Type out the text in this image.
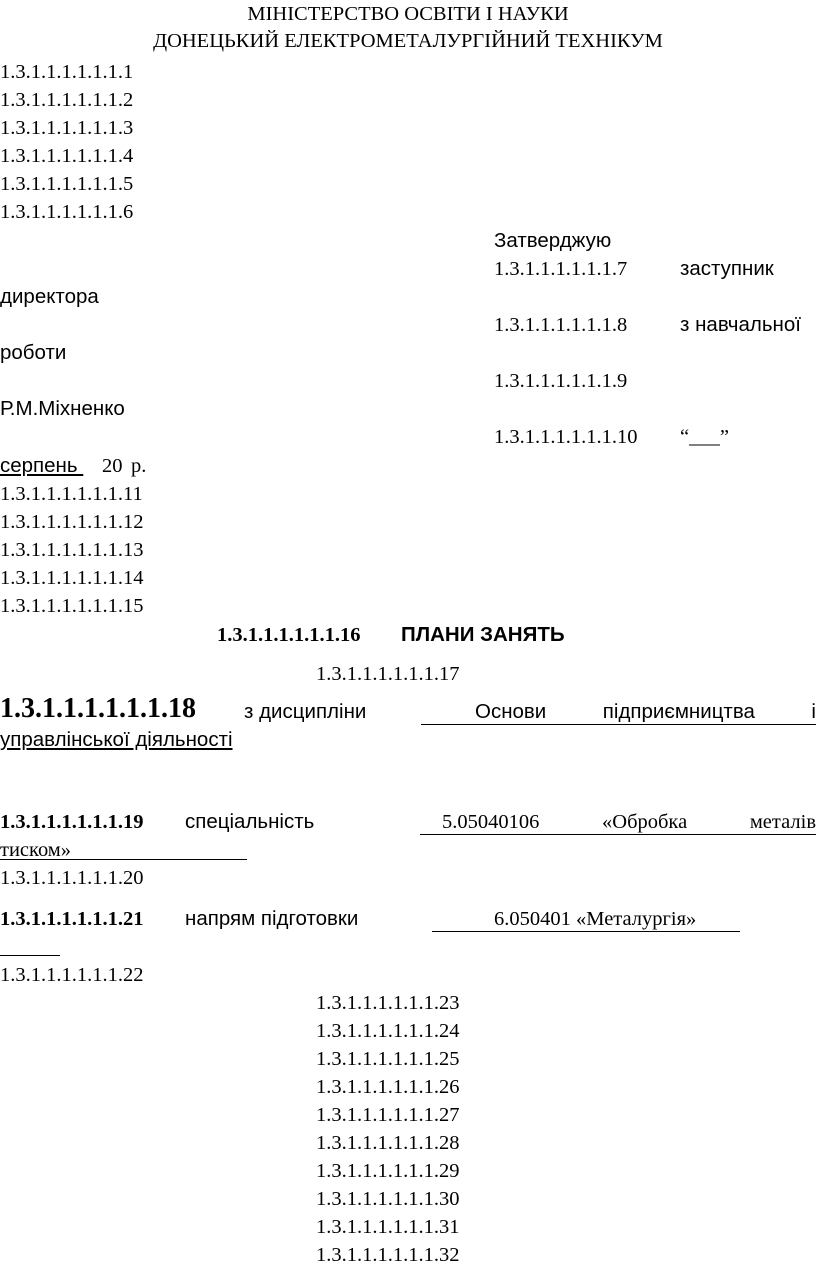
МІНІСТЕРСТВО ОСВІТИ І НАУКИ
ДОНЕЦЬКИЙ ЕЛЕКТРОМЕТАЛУРГІЙНИЙ ТЕХНІКУМ
1.3.1.1.1.1.1.1.1
1.3.1.1.1.1.1.1.2
1.3.1.1.1.1.1.1.3
1.3.1.1.1.1.1.1.4
1.3.1.1.1.1.1.1.5
1.3.1.1.1.1.1.1.6
Затверджую
1.3.1.1.1.1.1.1.7	заступник
директора
1.3.1.1.1.1.1.1.8	з навчальної
роботи
1.3.1.1.1.1.1.1.9
Р.М.Міхненко
1.3.1.1.1.1.1.1.10 “___”
серпень 20 р.
1.3.1.1.1.1.1.1.11
1.3.1.1.1.1.1.1.12
1.3.1.1.1.1.1.1.13
1.3.1.1.1.1.1.1.14
1.3.1.1.1.1.1.1.15
1.3.1.1.1.1.1.1.16 ПЛАНИ ЗАНЯТЬ
1.3.1.1.1.1.1.1.17
1.3.1.1.1.1.1.1.18 з дисципліни	Основи	підприємництва	і
управлінської діяльності
1.3.1.1.1.1.1.1.19 спеціальність	5.05040106	«Обробка	металів
тиском»
1.3.1.1.1.1.1.1.20
1.3.1.1.1.1.1.1.21 напрям підготовки	6.050401 «Металургія»
1.3.1.1.1.1.1.1.22
1.3.1.1.1.1.1.1.23
1.3.1.1.1.1.1.1.24
1.3.1.1.1.1.1.1.25
1.3.1.1.1.1.1.1.26
1.3.1.1.1.1.1.1.27
1.3.1.1.1.1.1.1.28
1.3.1.1.1.1.1.1.29
1.3.1.1.1.1.1.1.30
1.3.1.1.1.1.1.1.31
1.3.1.1.1.1.1.1.32
